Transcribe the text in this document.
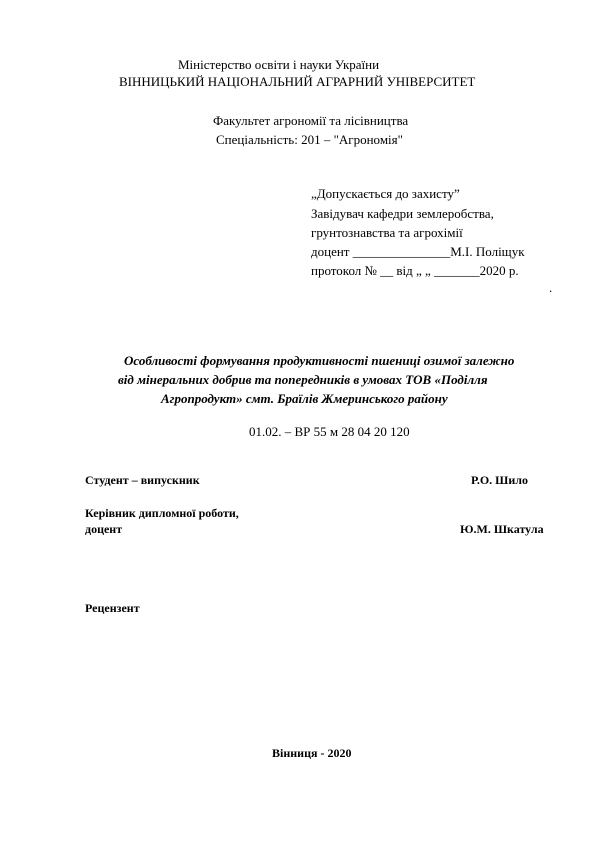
Міністерство освіти і науки України
ВІННИЦЬКИЙ НАЦІОНАЛЬНИЙ АГРАРНИЙ УНІВЕРСИТЕТ
Факультет агрономії та лісівництва
Спеціальність: 201 – "Агрономія"
„Допускається до захисту”
Завідувач кафедри землеробства,
грунтознавства та агрохімії
доцент _______________М.І. Поліщук
протокол № __ від „ „ _______2020 р.
.
Особливості формування продуктивності пшениці озимої залежно
від мінеральних добрив та попередників в умовах ТОВ «Поділля
Агропродукт» смт. Браїлів Жмеринського району
01.02. – ВР 55 м 28 04 20 120
Студент – випускник	Р.О. Шило
Керівник дипломної роботи,
доцент	Ю.М. Шкатула
Рецензент
Вінниця - 2020
